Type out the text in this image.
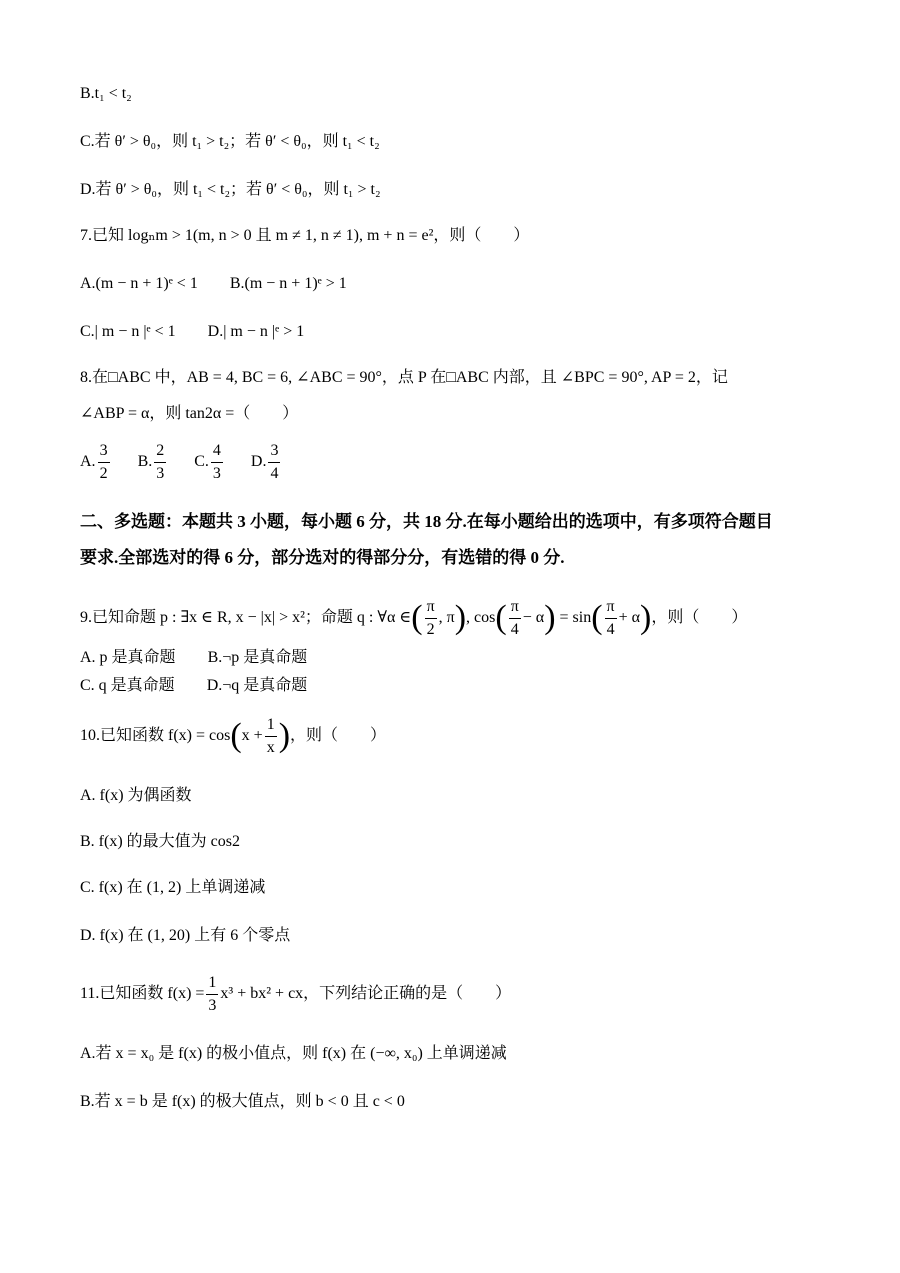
B.t₁ < t₂
C.若 θ′ > θ₀，则 t₁ > t₂；若 θ′ < θ₀，则 t₁ < t₂
D.若 θ′ > θ₀，则 t₁ < t₂；若 θ′ < θ₀，则 t₁ > t₂
7.已知 logₙm > 1(m, n > 0 且 m ≠ 1, n ≠ 1), m + n = e²，则（　　）
A.(m − n + 1)ᵉ < 1 B.(m − n + 1)ᵉ > 1
C.| m − n |ᵉ < 1 D.| m − n |ᵉ > 1
8.在□ABC 中，AB = 4, BC = 6, ∠ABC = 90°，点 P 在□ABC 内部，且 ∠BPC = 90°, AP = 2，记
∠ABP = α，则 tan2α =（　　）
A. $\frac{3}{2} B$. $\frac{2}{3} C$. $\frac{4}{3} D$. $\frac{3}{4}$
二、多选题：本题共 3 小题，每小题 6 分，共 18 分.在每小题给出的选项中，有多项符合题目
要求.全部选对的得 6 分，部分选对的得部分分，有选错的得 0 分.
9.已知命题 p : ∃x ∈ R, x − |x| > x²；命题 q : ∀α ∈( $\frac{\pi}{2}$ , π), $\cos( \frac{\pi}{4} - \alpha) = \sin( \frac{\pi}{4} + \alpha)$，则（　　）
A. p 是真命题 B.¬p 是真命题
C. q 是真命题 D.¬q 是真命题
10.已知函数 $f(x) = \cos(x + \frac{1}{x}$ )，则（　　）
A. f(x) 为偶函数
B. f(x) 的最大值为 cos2
C. f(x) 在 (1, 2) 上单调递减
D. f(x) 在 (1, 20) 上有 6 个零点
11.已知函数 $f(x) = \frac{1}{3} x^3 + bx^2$ + cx，下列结论正确的是（　　）
A.若 x = x₀ 是 f(x) 的极小值点，则 f(x) 在 (−∞, x₀) 上单调递减
B.若 x = b 是 f(x) 的极大值点，则 b < 0 且 c < 0
